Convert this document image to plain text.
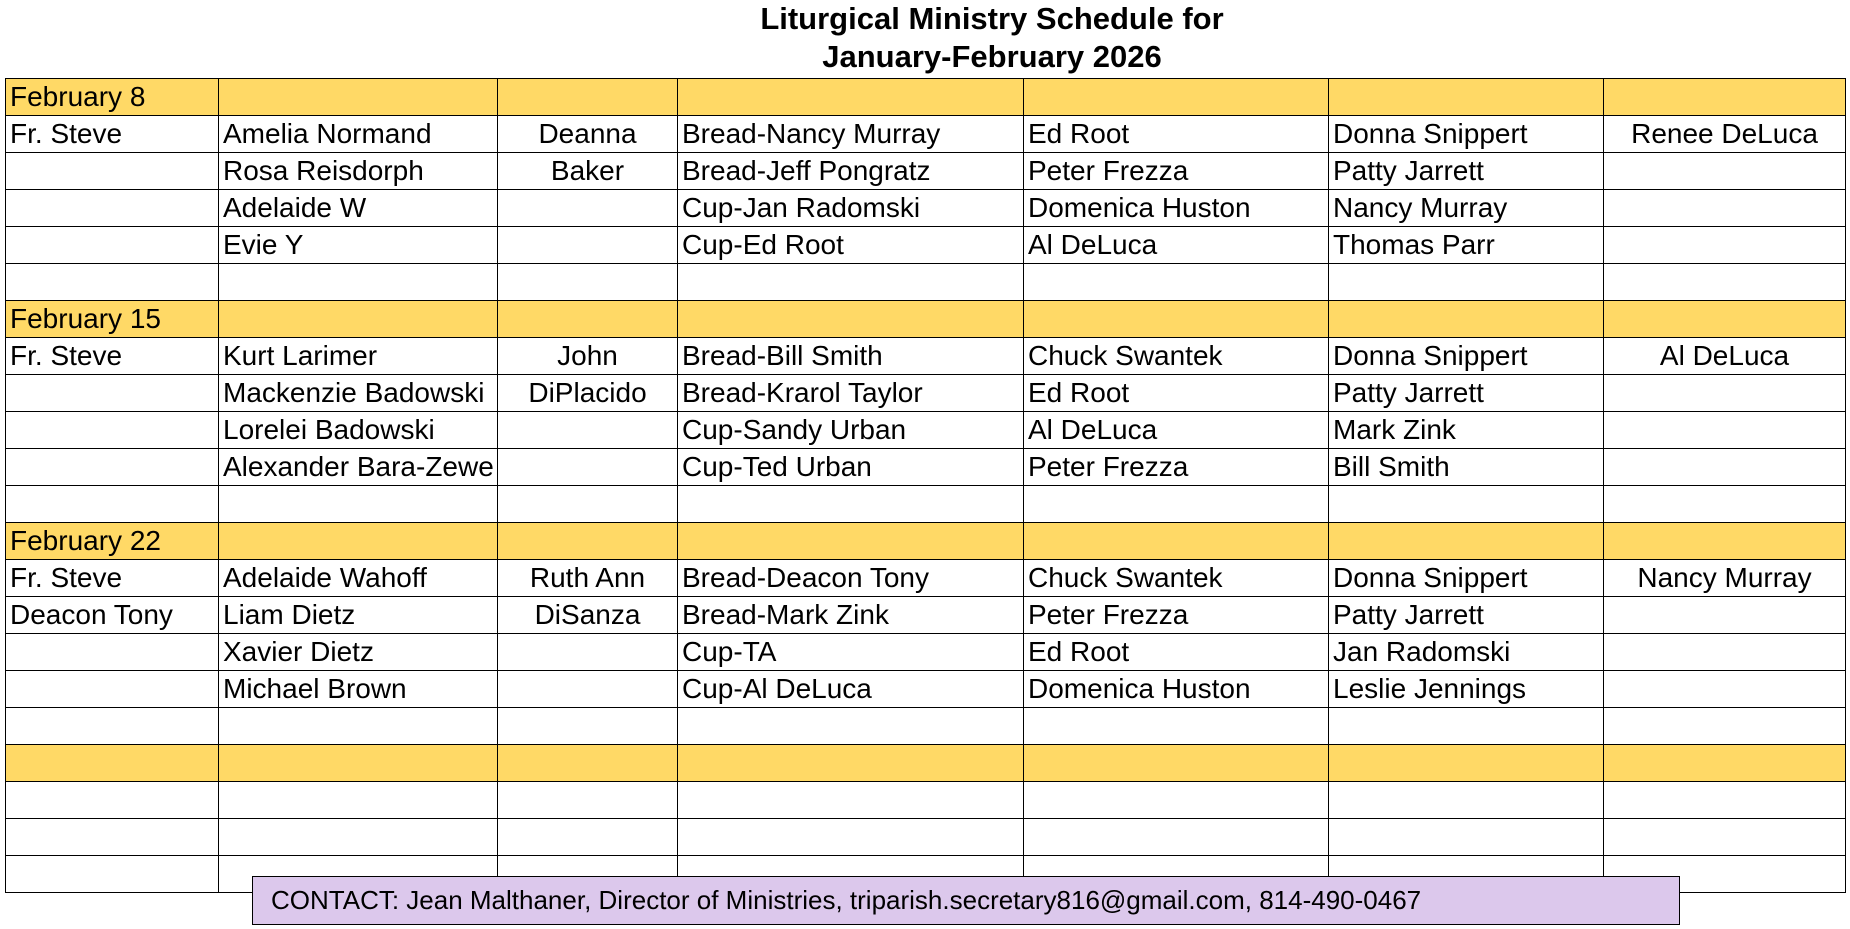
Liturgical Ministry Schedule for
January-February 2026
February 8						
Fr. Steve	Amelia Normand	Deanna	Bread-Nancy Murray	Ed Root	Donna Snippert	Renee DeLuca
	Rosa Reisdorph	Baker	Bread-Jeff Pongratz	Peter Frezza	Patty Jarrett	
	Adelaide W		Cup-Jan Radomski	Domenica Huston	Nancy Murray	
	Evie Y		Cup-Ed Root	Al DeLuca	Thomas Parr	

February 15						
Fr. Steve	Kurt Larimer	John	Bread-Bill Smith	Chuck Swantek	Donna Snippert	Al DeLuca
	Mackenzie Badowski	DiPlacido	Bread-Krarol Taylor	Ed Root	Patty Jarrett	
	Lorelei Badowski		Cup-Sandy Urban	Al DeLuca	Mark Zink	
	Alexander Bara-Zewe		Cup-Ted Urban	Peter Frezza	Bill Smith	

February 22						
Fr. Steve	Adelaide Wahoff	Ruth Ann	Bread-Deacon Tony	Chuck Swantek	Donna Snippert	Nancy Murray
Deacon Tony	Liam Dietz	DiSanza	Bread-Mark Zink	Peter Frezza	Patty Jarrett	
	Xavier Dietz		Cup-TA	Ed Root	Jan Radomski	
	Michael Brown		Cup-Al DeLuca	Domenica Huston	Leslie Jennings	

CONTACT: Jean Malthaner, Director of Ministries, triparish.secretary816@gmail.com, 814-490-0467
